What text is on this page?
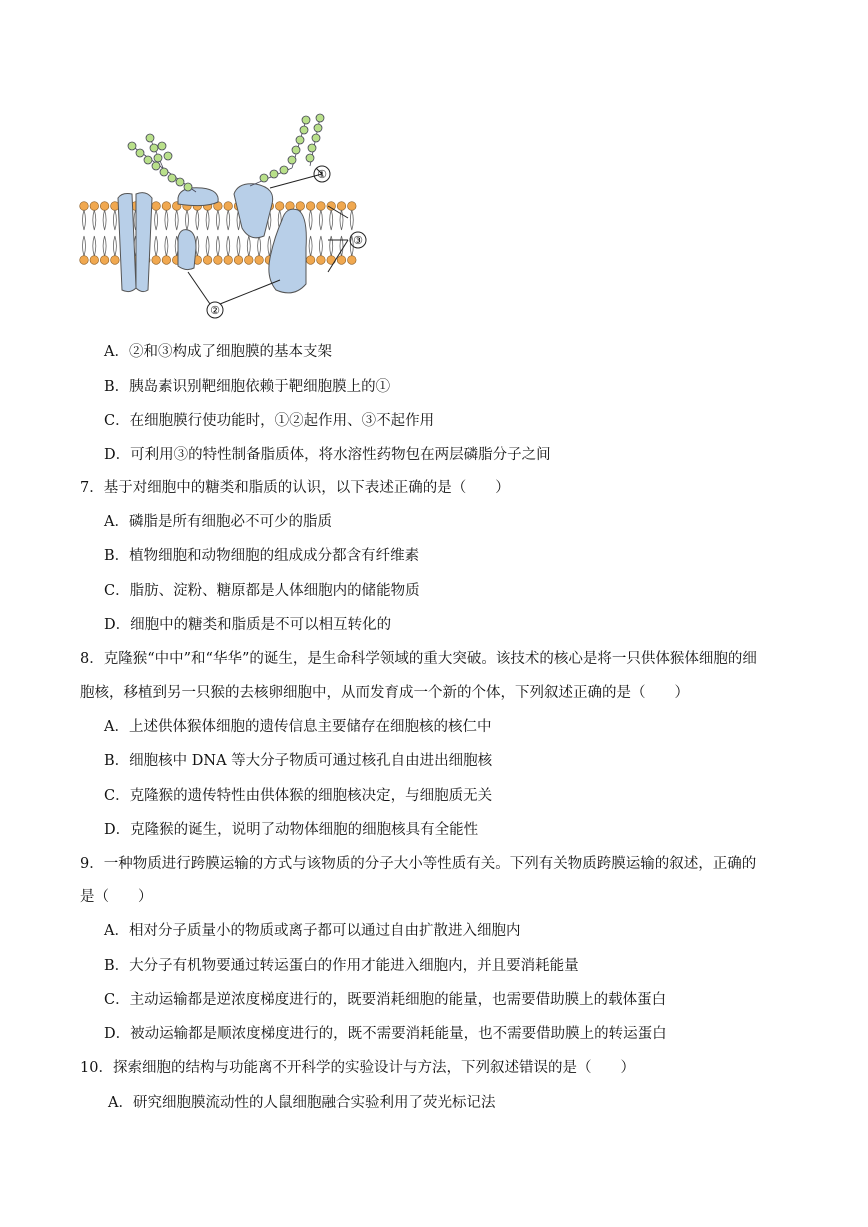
①
③
②
A．②和③构成了细胞膜的基本支架
B．胰岛素识别靶细胞依赖于靶细胞膜上的①
C．在细胞膜行使功能时，①②起作用、③不起作用
D．可利用③的特性制备脂质体，将水溶性药物包在两层磷脂分子之间
7．基于对细胞中的糖类和脂质的认识，以下表述正确的是（　　）
A．磷脂是所有细胞必不可少的脂质
B．植物细胞和动物细胞的组成成分都含有纤维素
C．脂肪、淀粉、糖原都是人体细胞内的储能物质
D．细胞中的糖类和脂质是不可以相互转化的
8．克隆猴“中中”和“华华”的诞生，是生命科学领域的重大突破。该技术的核心是将一只供体猴体细胞的细
胞核，移植到另一只猴的去核卵细胞中，从而发育成一个新的个体，下列叙述正确的是（　　）
A．上述供体猴体细胞的遗传信息主要储存在细胞核的核仁中
B．细胞核中 DNA 等大分子物质可通过核孔自由进出细胞核
C．克隆猴的遗传特性由供体猴的细胞核决定，与细胞质无关
D．克隆猴的诞生，说明了动物体细胞的细胞核具有全能性
9．一种物质进行跨膜运输的方式与该物质的分子大小等性质有关。下列有关物质跨膜运输的叙述，正确的
是（　　）
A．相对分子质量小的物质或离子都可以通过自由扩散进入细胞内
B．大分子有机物要通过转运蛋白的作用才能进入细胞内，并且要消耗能量
C．主动运输都是逆浓度梯度进行的，既要消耗细胞的能量，也需要借助膜上的载体蛋白
D．被动运输都是顺浓度梯度进行的，既不需要消耗能量，也不需要借助膜上的转运蛋白
10．探索细胞的结构与功能离不开科学的实验设计与方法，下列叙述错误的是（　　）
A．研究细胞膜流动性的人鼠细胞融合实验利用了荧光标记法
